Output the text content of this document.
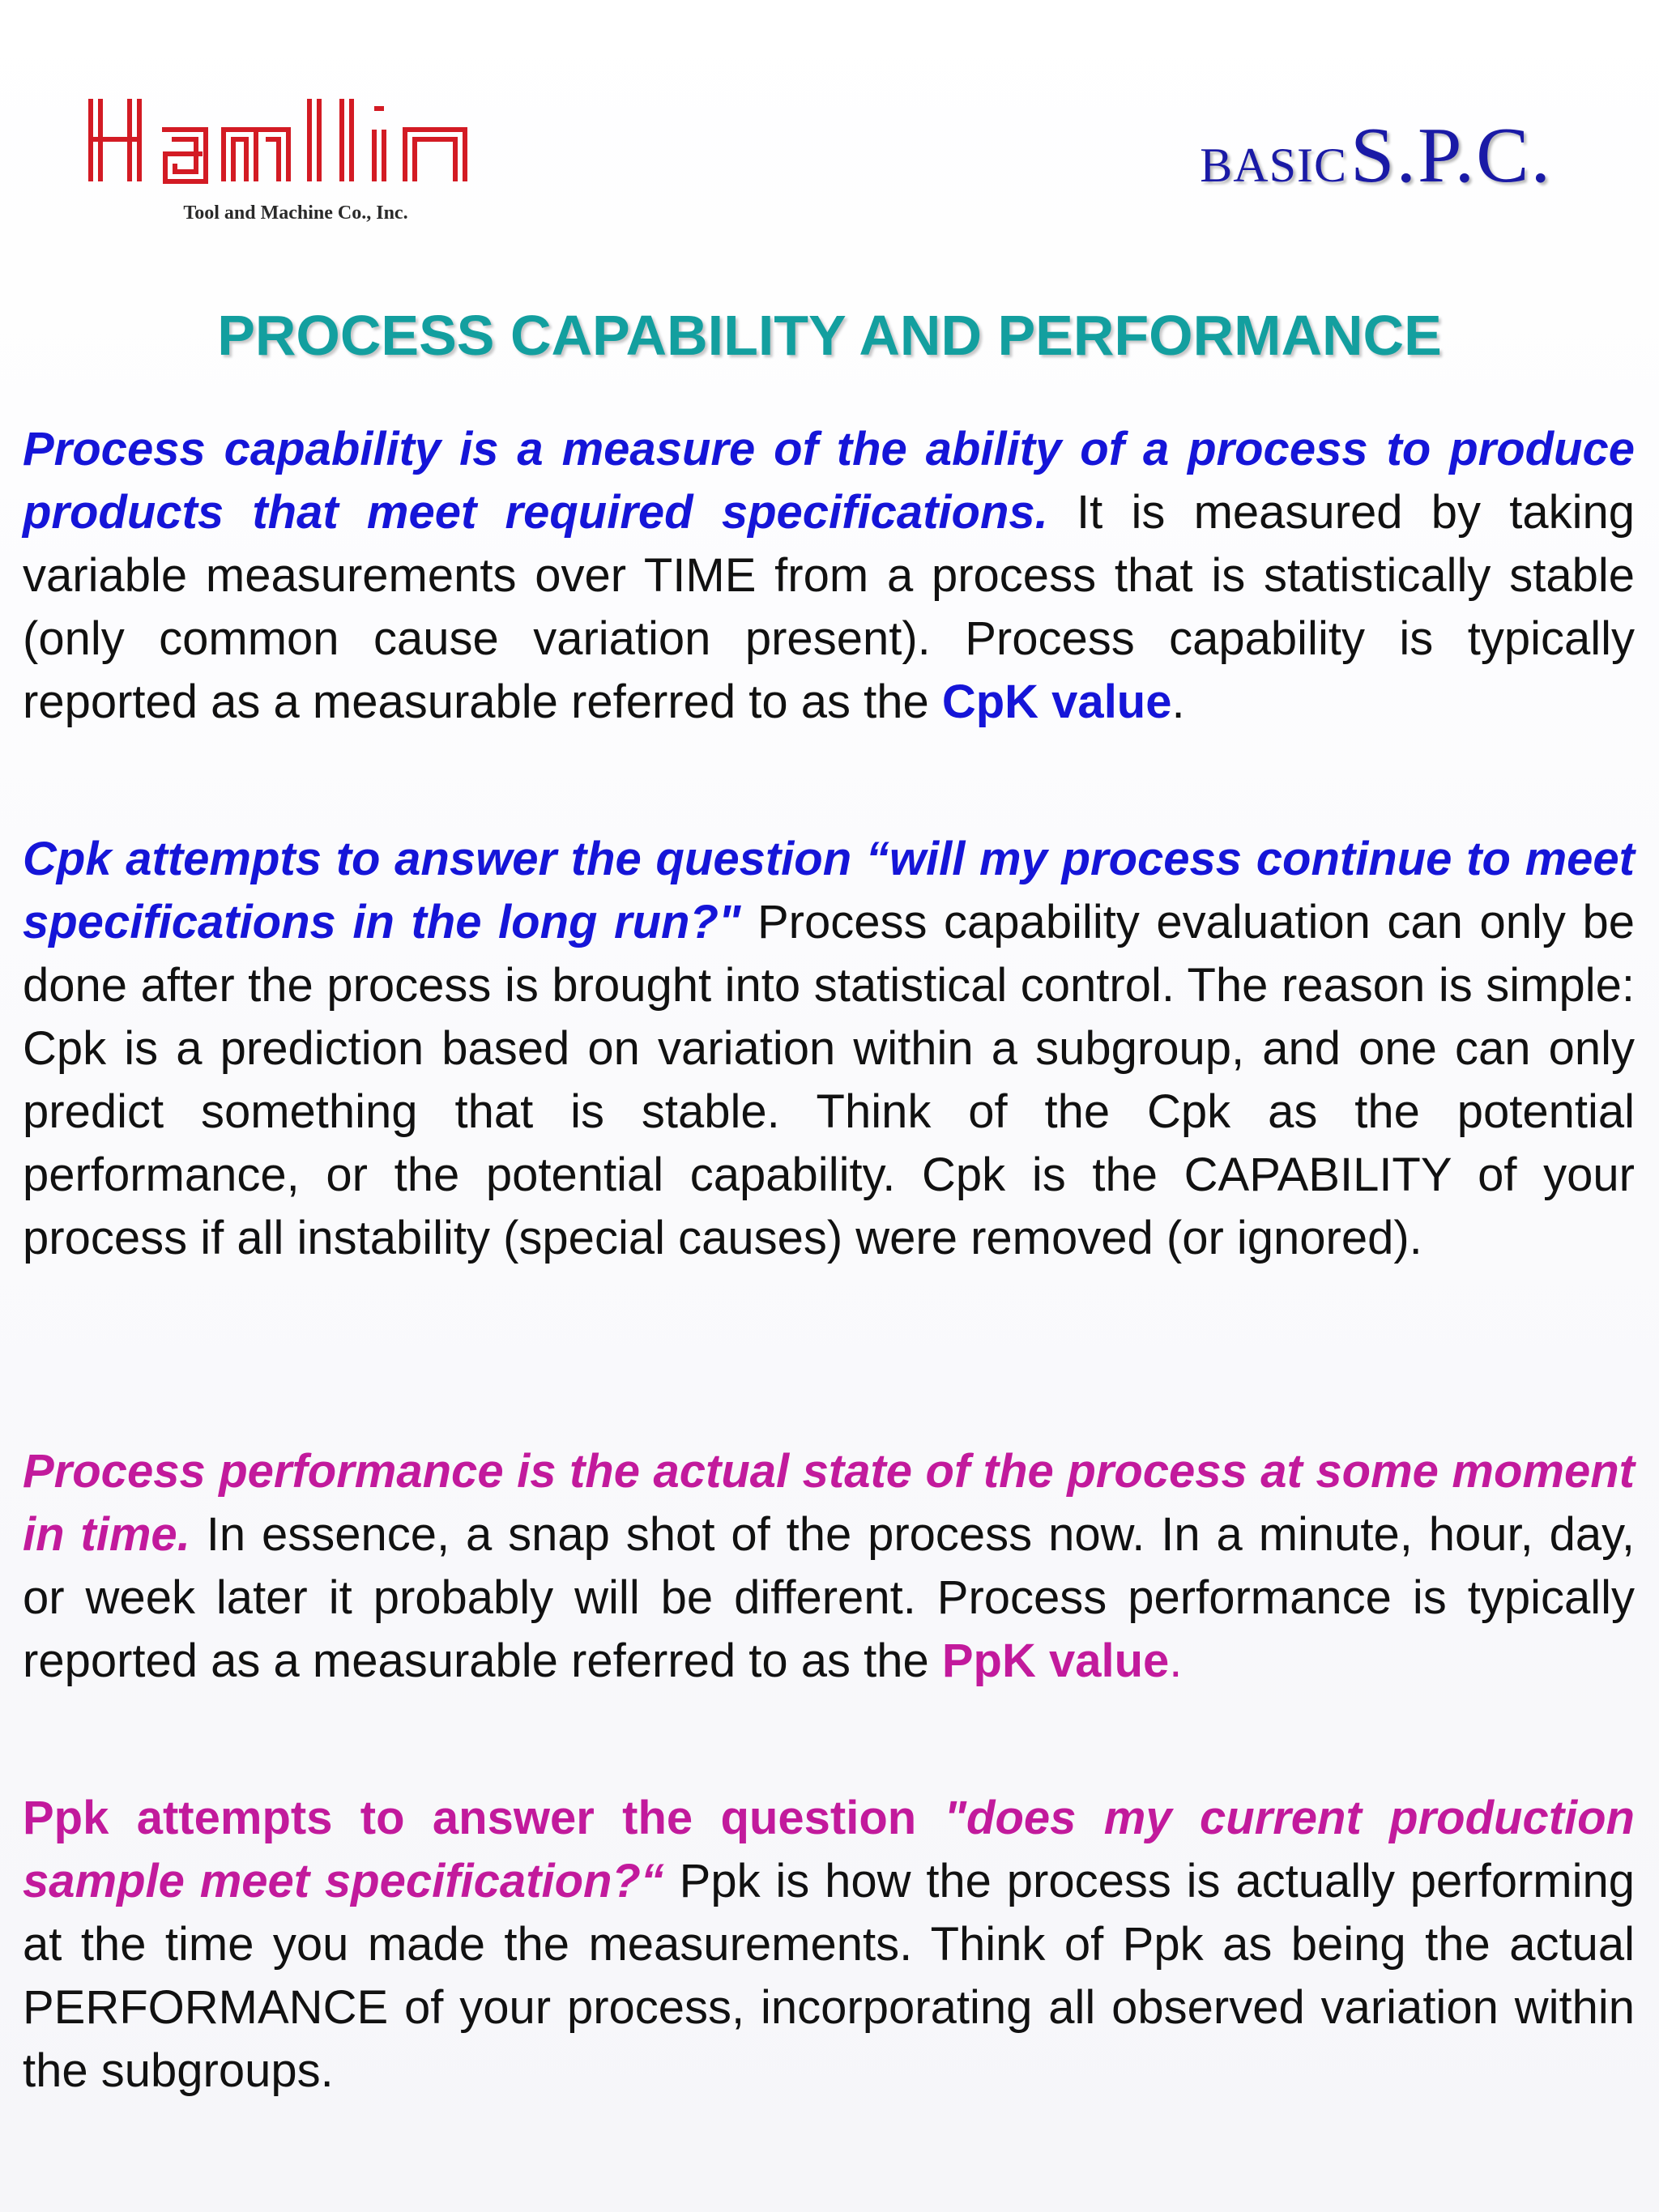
Tool and Machine Co., Inc.
BASIC S.P.C.
PROCESS CAPABILITY AND PERFORMANCE
Process capability is a measure of the ability of a process to produce products that meet required specifications. It is measured by taking variable measurements over TIME from a process that is statistically stable (only common cause variation present). Process capability is typically reported as a measurable referred to as the CpK value.
Cpk attempts to answer the question “will my process continue to meet specifications in the long run?" Process capability evaluation can only be done after the process is brought into statistical control. The reason is simple: Cpk is a prediction based on variation within a subgroup, and one can only predict something that is stable. Think of the Cpk as the potential performance, or the potential capability. Cpk is the CAPABILITY of your process if all instability (special causes) were removed (or ignored).
Process performance is the actual state of the process at some moment in time. In essence, a snap shot of the process now. In a minute, hour, day, or week later it probably will be different. Process performance is typically reported as a measurable referred to as the PpK value.
Ppk attempts to answer the question "does my current production sample meet specification?“ Ppk is how the process is actually performing at the time you made the measurements. Think of Ppk as being the actual PERFORMANCE of your process, incorporating all observed variation within the subgroups.
